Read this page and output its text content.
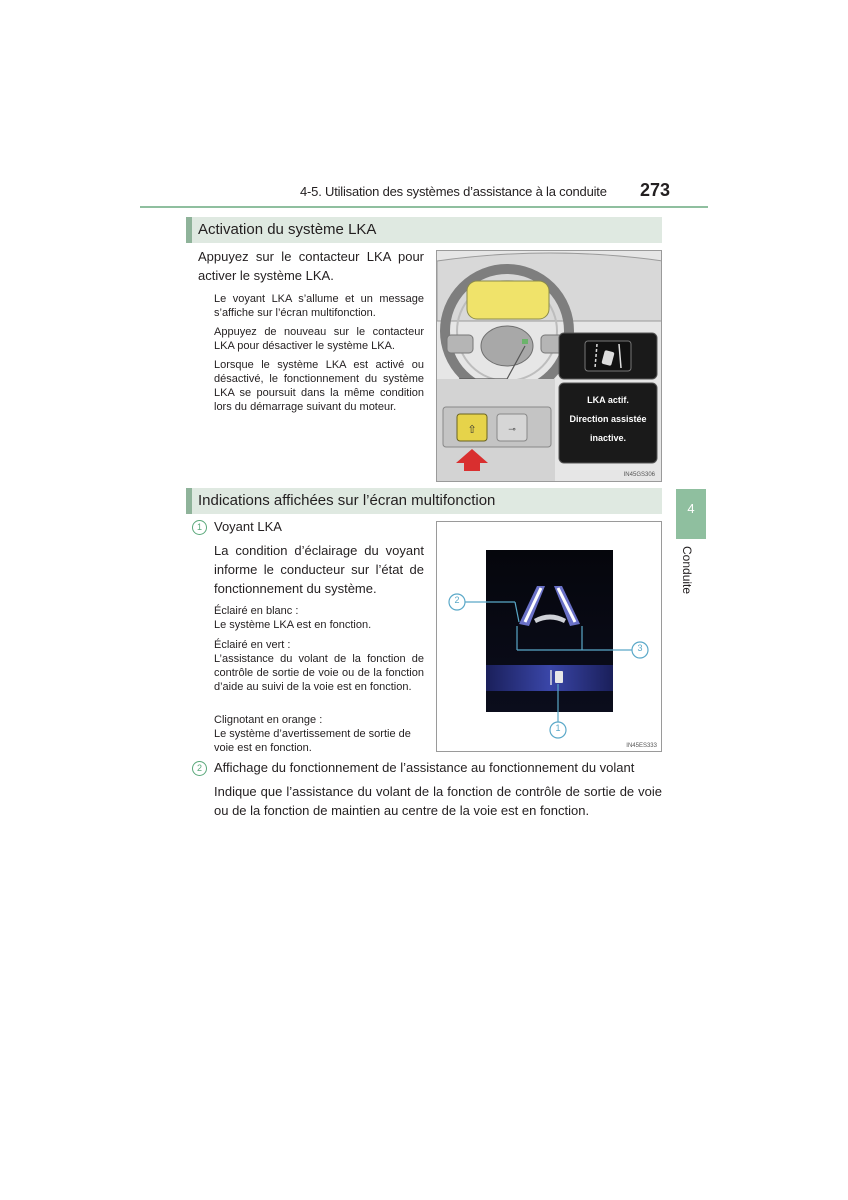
4-5. Utilisation des systèmes d’assistance à la conduite 273
4
Conduite
Activation du système LKA
Appuyez sur le contacteur LKA pour activer le système LKA.
Le voyant LKA s’allume et un message s’affiche sur l’écran multifonction.
Appuyez de nouveau sur le contacteur LKA pour désactiver le système LKA.
Lorsque le système LKA est activé ou désactivé, le fonctionnement du système LKA se poursuit dans la même condition lors du démarrage suivant du moteur.
⇧	⊸
LKA actif.
Direction assistée
inactive.
IN45GS306
Indications affichées sur l’écran multifonction
1 Voyant LKA
La condition d’éclairage du voyant informe le conducteur sur l’état de fonctionnement du système.
Éclairé en blanc :
Le système LKA est en fonction.
Éclairé en vert :
L’assistance du volant de la fonction de contrôle de sortie de voie ou de la fonction d’aide au suivi de la voie est en fonction.
Clignotant en orange :
Le système d’avertissement de sortie de voie est en fonction.
2
3
1
IN45ES333
2 Affichage du fonctionnement de l’assistance au fonctionnement du volant
Indique que l’assistance du volant de la fonction de contrôle de sortie de voie ou de la fonction de maintien au centre de la voie est en fonction.
